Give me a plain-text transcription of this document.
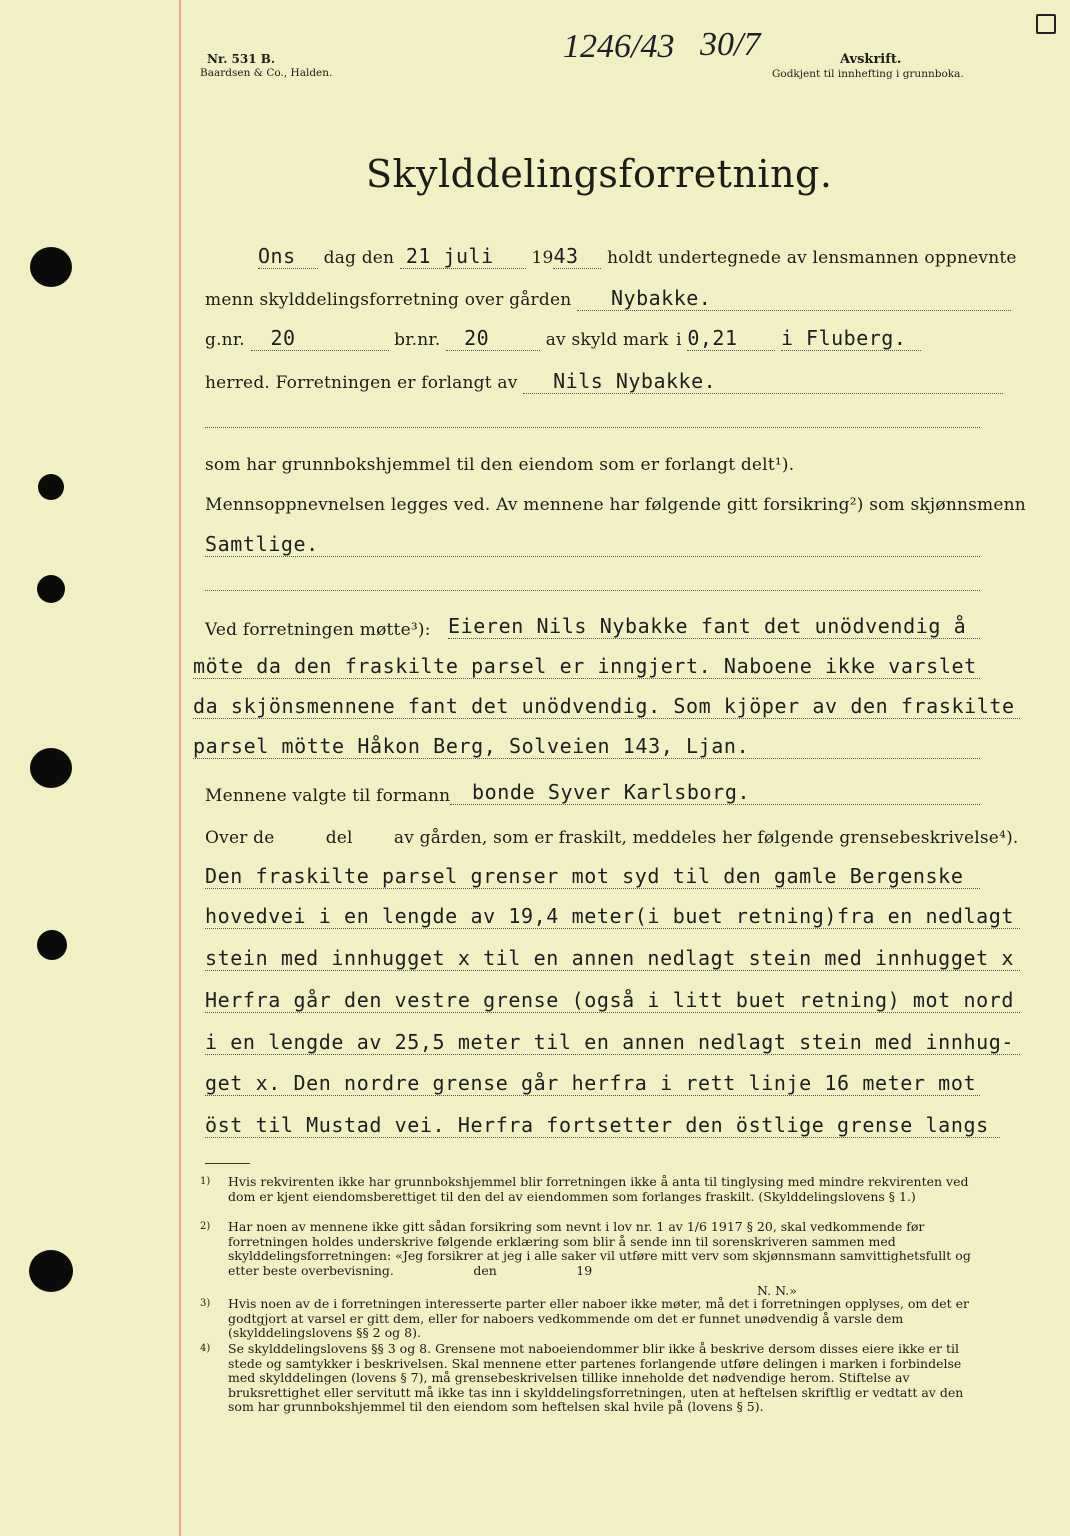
Nr. 531 B.
Baardsen & Co., Halden.
1246/43 30/7	Avskrift.
Godkjent til innhefting i grunnboka.
Skylddelingsforretning.
Ons dag den 21 juli 1943 holdt undertegnede av lensmannen oppnevnte
menn skylddelingsforretning over gården Nybakke.
g.nr. 20	br.nr. 20	av skyld mark i 0,21 i Fluberg.
herred. Forretningen er forlangt av Nils Nybakke.
som har grunnbokshjemmel til den eiendom som er forlangt delt¹).
Mennsoppnevnelsen legges ved. Av mennene har følgende gitt forsikring²) som skjønnsmenn
Samtlige.
Ved forretningen møtte³): Eieren Nils Nybakke fant det unödvendig å
möte da den fraskilte parsel er inngjert. Naboene ikke varslet
da skjönsmennene fant det unödvendig. Som kjöper av den fraskilte
parsel mötte Håkon Berg, Solveien 143, Ljan.
Mennene valgte til formann	bonde Syver Karlsborg.
Over de	del av gården, som er fraskilt, meddeles her følgende grensebeskrivelse⁴).
Den fraskilte parsel grenser mot syd til den gamle Bergenske
hovedvei i en lengde av 19,4 meter(i buet retning)fra en nedlagt
stein med innhugget x til en annen nedlagt stein med innhugget x
Herfra går den vestre grense (også i litt buet retning) mot nord
i en lengde av 25,5 meter til en annen nedlagt stein med innhug-
get x. Den nordre grense går herfra i rett linje 16 meter mot
öst til Mustad vei. Herfra fortsetter den östlige grense langs
1) Hvis rekvirenten ikke har grunnbokshjemmel blir forretningen ikke å anta til tinglysing med mindre rekvirenten ved dom er kjent eiendomsberettiget til den del av eiendommen som forlanges fraskilt. (Skylddelingslovens § 1.)
2) Har noen av mennene ikke gitt sådan forsikring som nevnt i lov nr. 1 av 1/6 1917 § 20, skal vedkommende før forretningen holdes underskrive følgende erklæring som blir å sende inn til sorenskriveren sammen med skylddelingsforretningen: «Jeg forsikrer at jeg i alle saker vil utføre mitt verv som skjønnsmann samvittighetsfullt og etter beste overbevisning.                    den                    19
N. N.»
3) Hvis noen av de i forretningen interesserte parter eller naboer ikke møter, må det i forretningen opplyses, om det er godtgjort at varsel er gitt dem, eller for naboers vedkommende om det er funnet unødvendig å varsle dem (skylddelingslovens §§ 2 og 8).
4) Se skylddelingslovens §§ 3 og 8. Grensene mot naboeiendommer blir ikke å beskrive dersom disses eiere ikke er til stede og samtykker i beskrivelsen. Skal mennene etter partenes forlangende utføre delingen i marken i forbindelse med skylddelingen (lovens § 7), må grensebeskrivelsen tillike inneholde det nødvendige herom. Stiftelse av bruksrettighet eller servitutt må ikke tas inn i skylddelingsforretningen, uten at heftelsen skriftlig er vedtatt av den som har grunnbokshjemmel til den eiendom som heftelsen skal hvile på (lovens § 5).
